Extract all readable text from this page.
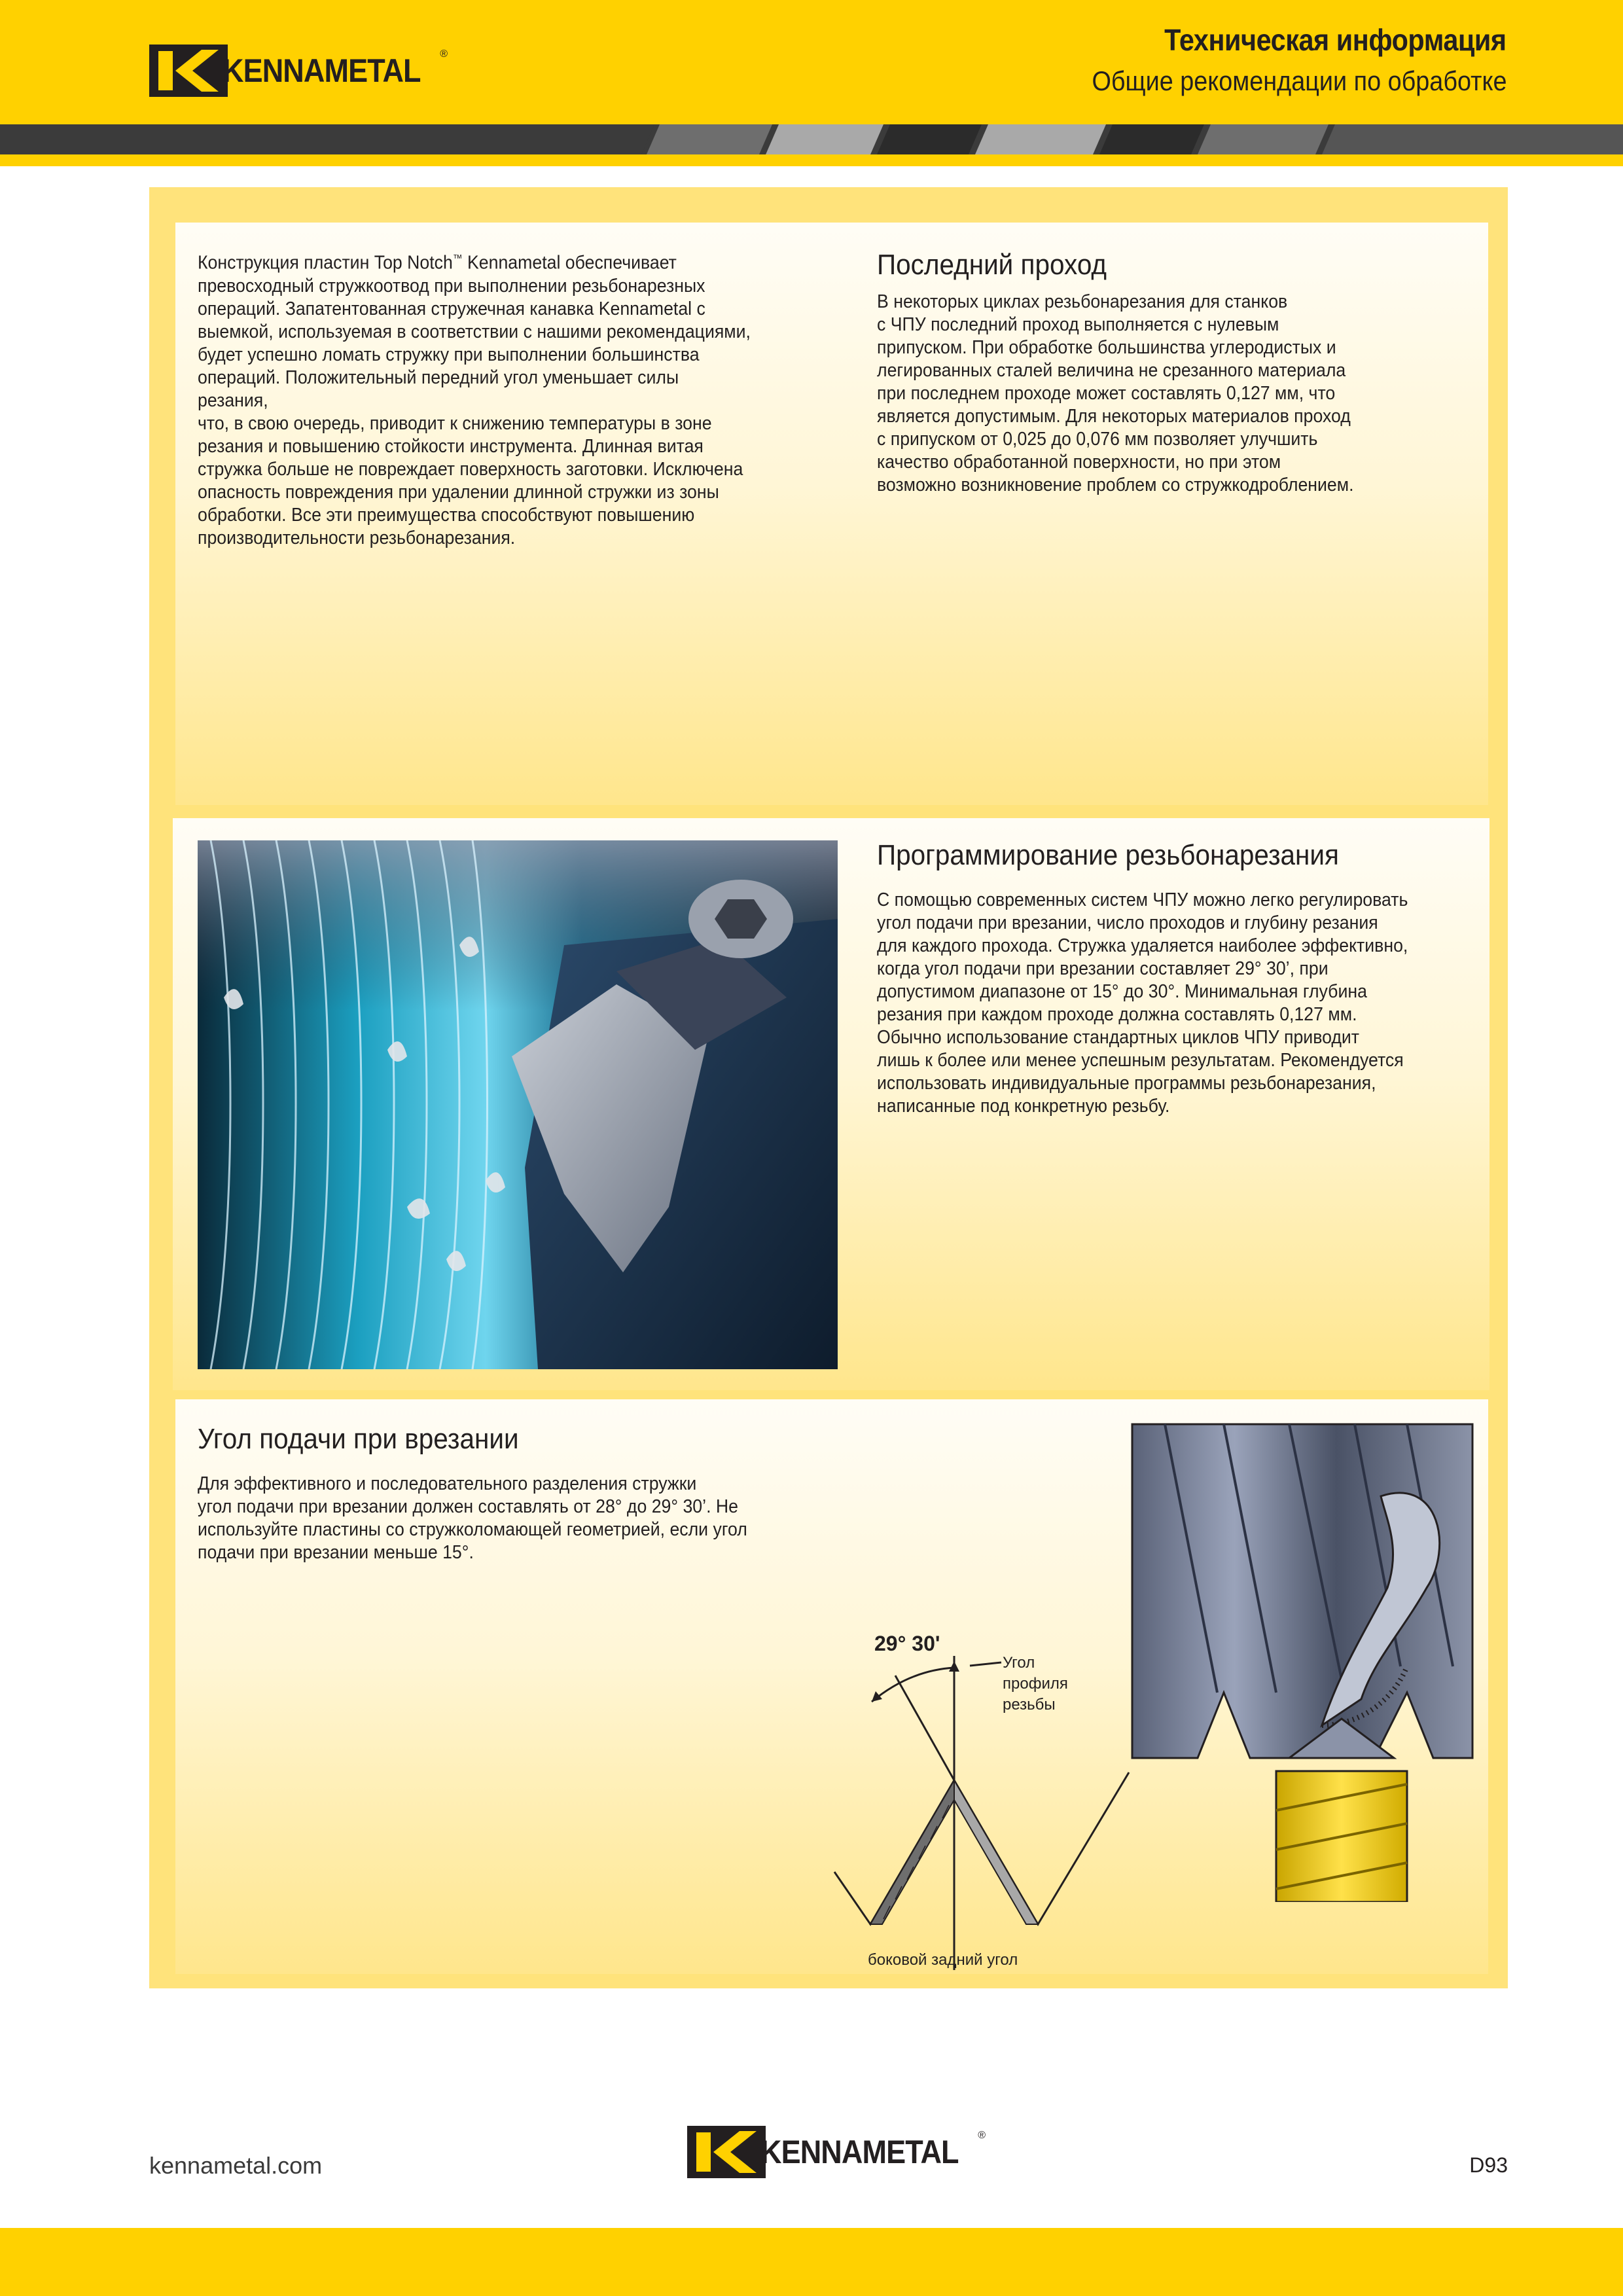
KENNAMETAL ®	Техническая информация
Общие рекомендации по обработке
Конструкция пластин Top Notch™ Kennametal обеспечивает
превосходный стружкоотвод при выполнении резьбонарезных
операций. Запатентованная стружечная канавка Kennametal с
выемкой, используемая в соответствии с нашими рекомендациями,
будет успешно ломать стружку при выполнении большинства
операций. Положительный передний угол уменьшает силы резания,
что, в свою очередь, приводит к снижению температуры в зоне
резания и повышению стойкости инструмента. Длинная витая
стружка больше не повреждает поверхность заготовки. Исключена
опасность повреждения при удалении длинной стружки из зоны
обработки. Все эти преимущества способствуют повышению
производительности резьбонарезания.
Последний проход
В некоторых циклах резьбонарезания для станков
с ЧПУ последний проход выполняется с нулевым
припуском. При обработке большинства углеродистых и
легированных сталей величина не срезанного материала
при последнем проходе может составлять 0,127 мм, что
является допустимым. Для некоторых материалов проход
с припуском от 0,025 до 0,076 мм позволяет улучшить
качество обработанной поверхности, но при этом
возможно возникновение проблем со стружкодроблением.
Программирование резьбонарезания
С помощью современных систем ЧПУ можно легко регулировать
угол подачи при врезании, число проходов и глубину резания
для каждого прохода. Стружка удаляется наиболее эффективно,
когда угол подачи при врезании составляет 29° 30’, при
допустимом диапазоне от 15° до 30°. Минимальная глубина
резания при каждом проходе должна составлять 0,127 мм.
Обычно использование стандартных циклов ЧПУ приводит
лишь к более или менее успешным результатам. Рекомендуется
использовать индивидуальные программы резьбонарезания,
написанные под конкретную резьбу.
Угол подачи при врезании
Для эффективного и последовательного разделения стружки
угол подачи при врезании должен составлять от 28° до 29° 30’. Не
используйте пластины со стружколомающей геометрией, если угол
подачи при врезании меньше 15°.
29° 30'
Угол
профиля
резьбы
боковой задний угол
kennametal.com	KENNAMETAL ®
D93
